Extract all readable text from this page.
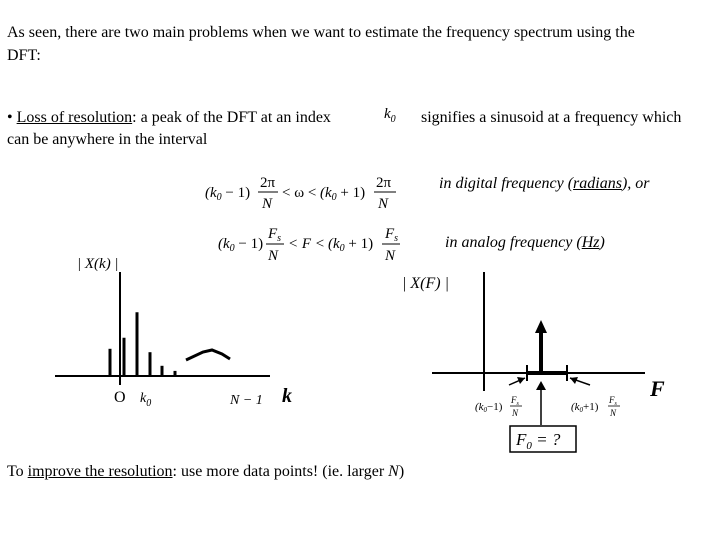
As seen, there are two main problems when we want to estimate the frequency spectrum using the
DFT:
• Loss of resolution: a peak of the DFT at an index	$k_0$ signifies a sinusoid at a frequency which
can be anywhere in the interval
in digital frequency (radians), or
in analog frequency (Hz)
To improve the resolution: use more data points! (ie. larger N)
$(k_0 - 1)$
2π
N
< $\omega < (k_0 + 1)$
2π
N
$(k_0 - 1)$
$F_s$
N
< $F < (k_0 + 1)$
$F_s$
N
| X(k) |
O $k_0$	N − 1 k
| X(F) |
F
(k0−1)
$F_s$
N	(k0+1)
$F_s$
N
$F_0$ = ?
